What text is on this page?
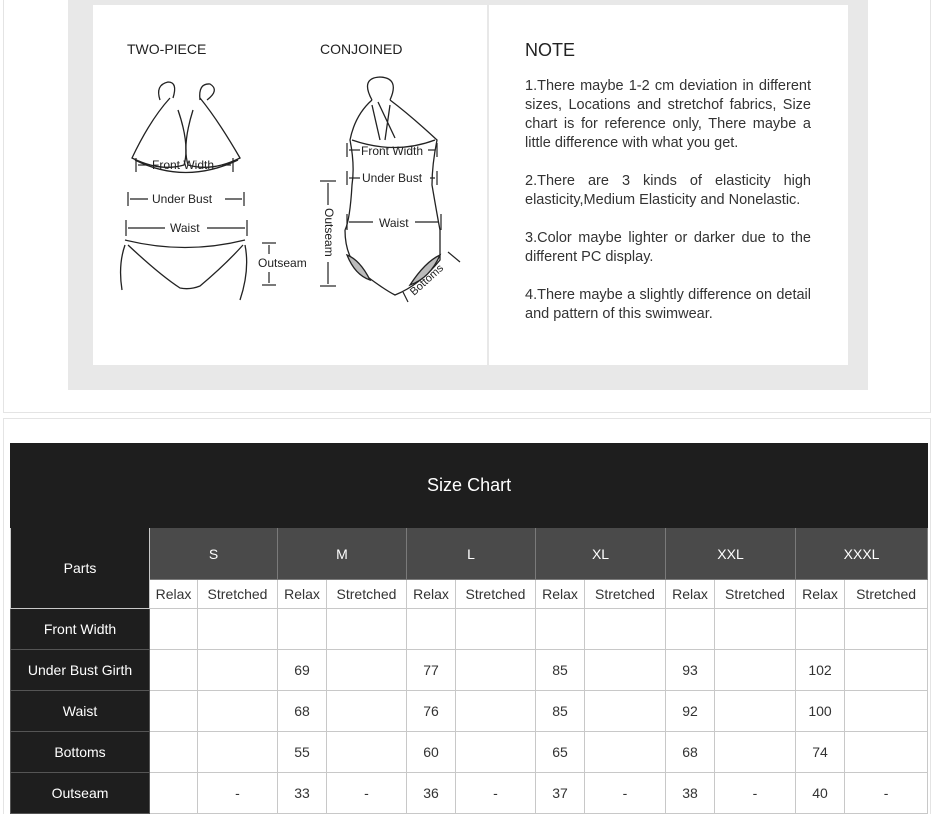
TWO-PIECE	CONJOINED
Front Width
Under Bust
Waist
Outseam
Front Width
Under Bust
Waist
Outseam
Bottoms
NOTE
1.There maybe 1-2 cm deviation in different sizes, Locations and stretchof fabrics, Size chart is for reference only, There maybe a little difference with what you get.
2.There are 3 kinds of elasticity high elasticity,Medium Elasticity and Nonelastic.
3.Color maybe lighter or darker due to the different PC display.
4.There maybe a slightly difference on detail and pattern of this swimwear.
Size Chart												
Parts	S		M		L		XL		XXL		XXXL	
	Relax	Stretched	Relax	Stretched	Relax	Stretched	Relax	Stretched	Relax	Stretched	Relax	Stretched
Front Width												
Under Bust Girth			69		77		85		93		102	
Waist			68		76		85		92		100	
Bottoms			55		60		65		68		74	
Outseam		-	33	-	36	-	37	-	38	-	40	-
